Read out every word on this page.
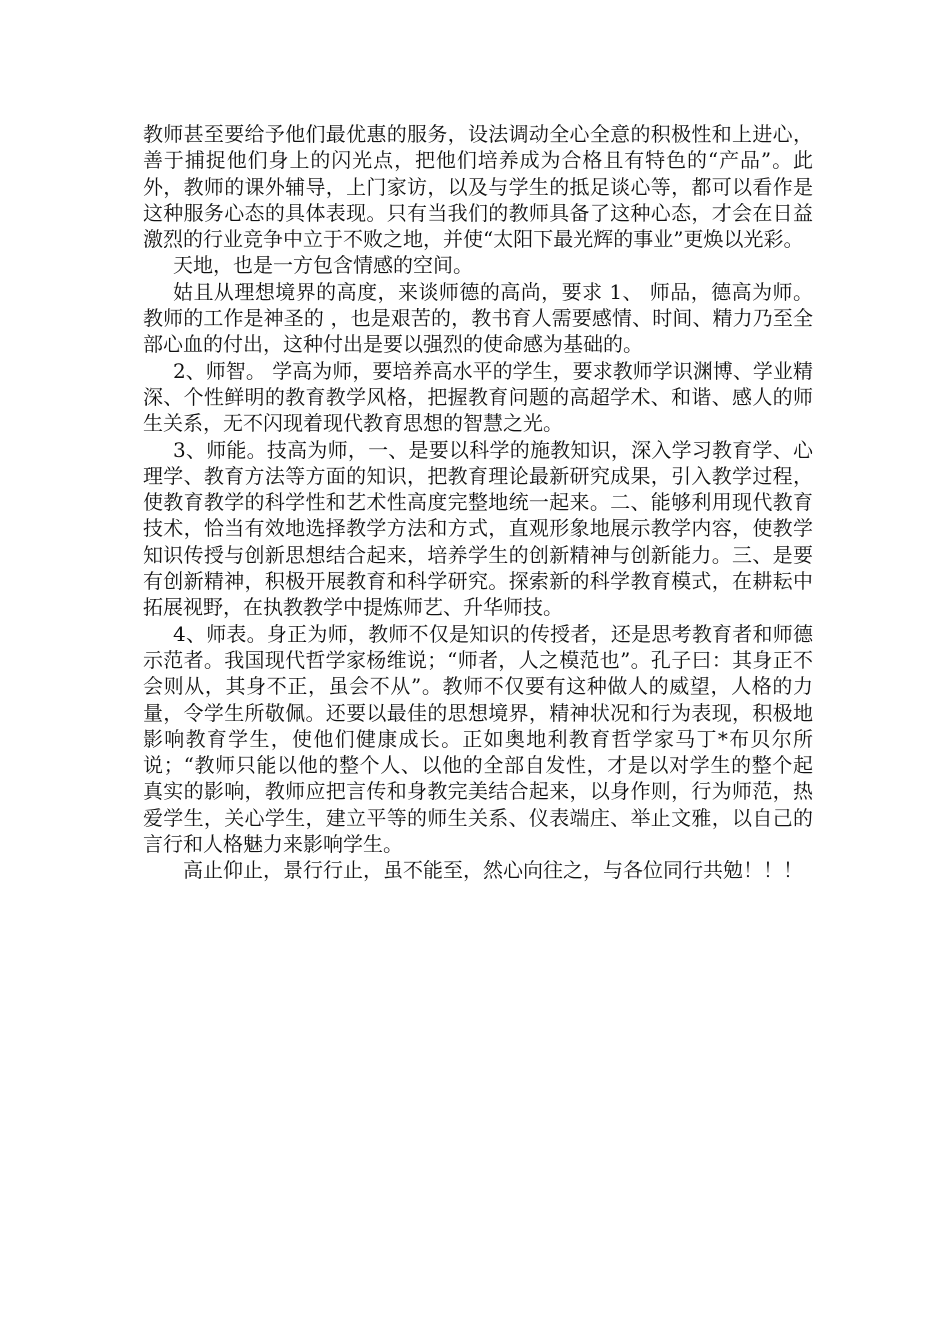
教师甚至要给予他们最优惠的服务，设法调动全心全意的积极性和上进心，善于捕捉他们身上的闪光点，把他们培养成为合格且有特色的“产品”。此外，教师的课外辅导，上门家访，以及与学生的抵足谈心等，都可以看作是这种服务心态的具体表现。只有当我们的教师具备了这种心态，才会在日益激烈的行业竞争中立于不败之地，并使“太阳下最光辉的事业”更焕以光彩。

天地，也是一方包含情感的空间。

姑且从理想境界的高度，来谈师德的高尚，要求 1、 师品，德高为师。教师的工作是神圣的 ，也是艰苦的，教书育人需要感情、时间、精力乃至全部心血的付出，这种付出是要以强烈的使命感为基础的。

2、师智。 学高为师，要培养高水平的学生，要求教师学识渊博、学业精深、个性鲜明的教育教学风格，把握教育问题的高超学术、和谐、感人的师生关系，无不闪现着现代教育思想的智慧之光。

3、师能。技高为师，一、是要以科学的施教知识，深入学习教育学、心理学、教育方法等方面的知识，把教育理论最新研究成果，引入教学过程，使教育教学的科学性和艺术性高度完整地统一起来。二、能够利用现代教育技术，恰当有效地选择教学方法和方式，直观形象地展示教学内容，使教学知识传授与创新思想结合起来，培养学生的创新精神与创新能力。三、是要有创新精神，积极开展教育和科学研究。探索新的科学教育模式，在耕耘中拓展视野，在执教教学中提炼师艺、升华师技。

4、师表。身正为师，教师不仅是知识的传授者，还是思考教育者和师德示范者。我国现代哲学家杨维说；“师者，人之模范也”。孔子曰：其身正不会则从，其身不正，虽会不从”。教师不仅要有这种做人的威望，人格的力量，令学生所敬佩。还要以最佳的思想境界，精神状况和行为表现，积极地影响教育学生，使他们健康成长。正如奥地利教育哲学家马丁*布贝尔所说；“教师只能以他的整个人、以他的全部自发性，才是以对学生的整个起真实的影响，教师应把言传和身教完美结合起来，以身作则，行为师范，热爱学生，关心学生，建立平等的师生关系、仪表端庄、举止文雅，以自己的言行和人格魅力来影响学生。

高止仰止，景行行止，虽不能至，然心向往之，与各位同行共勉！！！
